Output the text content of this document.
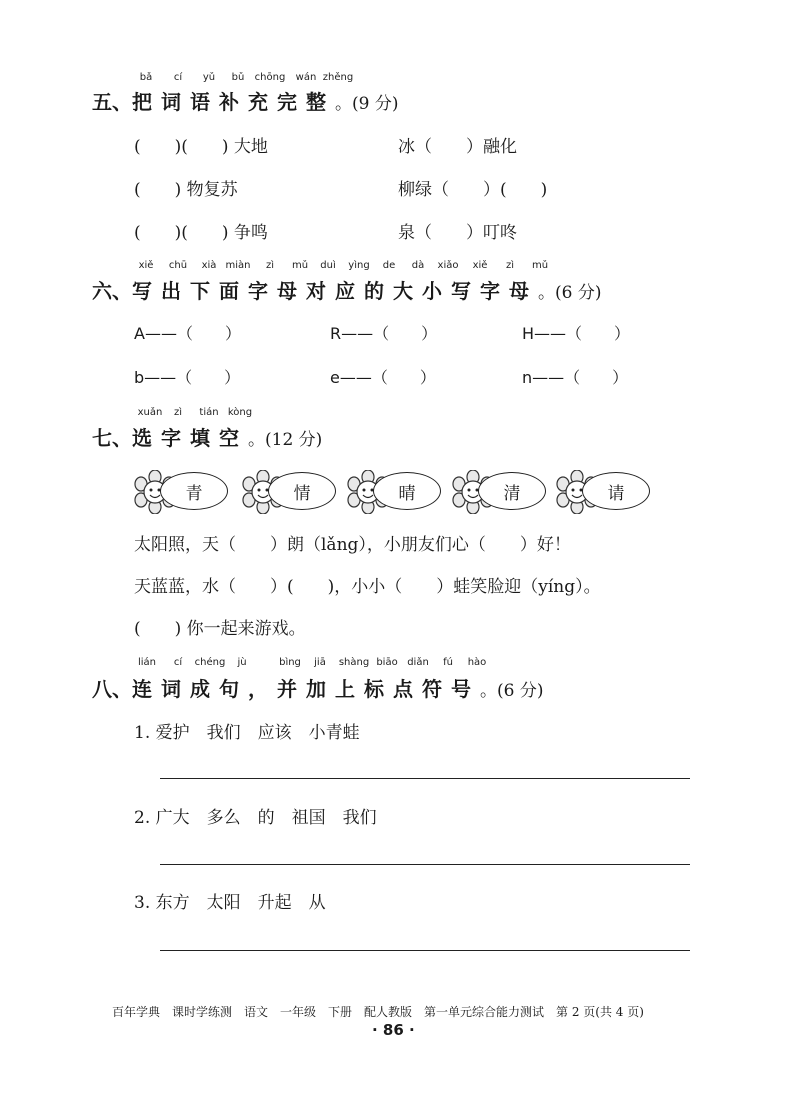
bǎ cí yǔ bǔ chōng wán zhěng
五、把词语补充完整。(9 分)
(　　)(　　) 大地	冰（　　）融化
(　　) 物复苏	柳绿（　　）(　　)
(　　)(　　) 争鸣	泉（　　）叮咚
xiě chū xià miàn zì mǔ duì yìng de dà xiǎo xiě zì mǔ
六、写出下面字母对应的大小写字母。(6 分)
A——（　　）	R——（　　）	H——（　　）
b——（　　）	e——（　　）	n——（　　）
xuǎn zì tián kòng
七、选字填空。(12 分)
青	情	晴	清	请
太阳照，天（　　）朗（lǎng），小朋友们心（　　）好！
天蓝蓝，水（　　）(　　)，小小（　　）蛙笑脸迎（yíng）。
(　　) 你一起来游戏。
lián cí chéng jù	bìng jiā shàng biāo diǎn fú hào
八、连词成句，并加上标点符号。(6 分)
1. 爱护　我们　应该　小青蛙
2. 广大　多么　的　祖国　我们
3. 东方　太阳　升起　从
百年学典　课时学练测　语文　一年级　下册　配人教版　第一单元综合能力测试　第 2 页(共 4 页)
· 86 ·
